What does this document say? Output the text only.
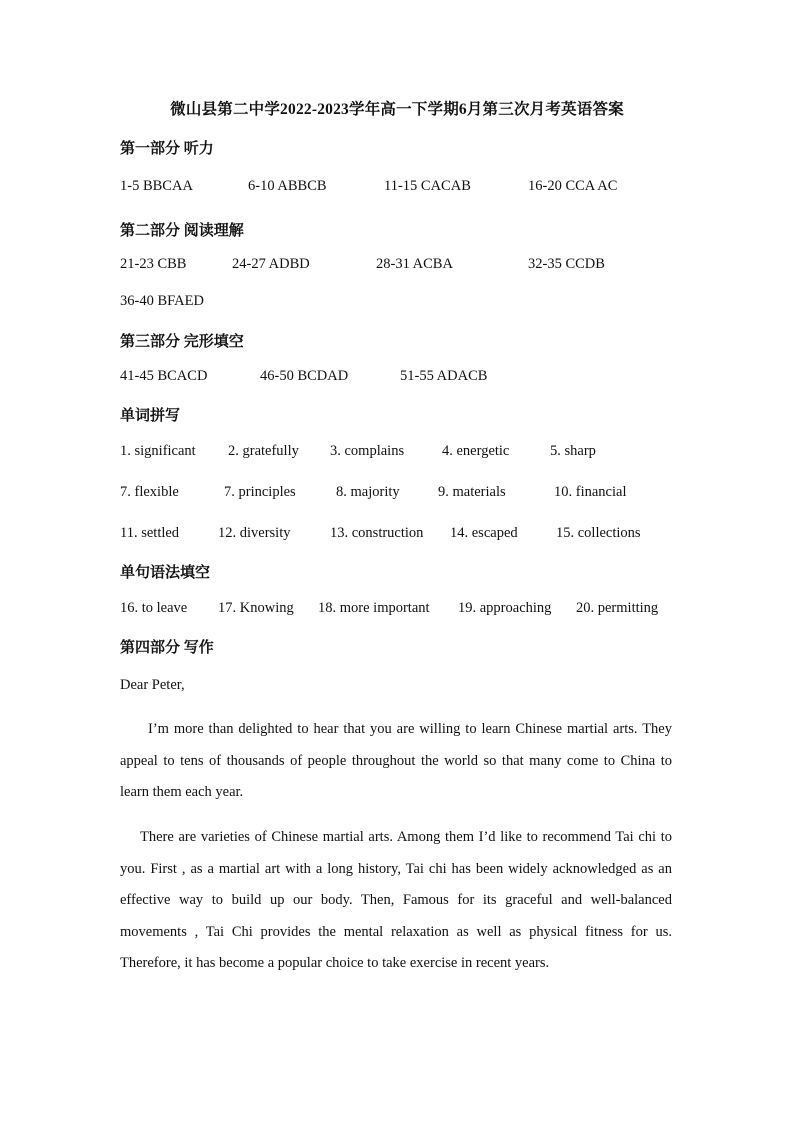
微山县第二中学2022-2023学年高一下学期6月第三次月考英语答案
第一部分 听力
1-5 BBCAA	6-10 ABBCB	11-15 CACAB	16-20 CCA AC
第二部分 阅读理解
21-23 CBB	24-27 ADBD	28-31 ACBA	32-35 CCDB
36-40 BFAED
第三部分 完形填空
41-45 BCACD	46-50 BCDAD	51-55 ADACB
单词拼写
1. significant 2. gratefully 3. complains	4. energetic	5. sharp
7. flexible	7. principles	8. majority	9. materials	10. financial
11. settled	12. diversity	13. construction 14. escaped	15. collections
单句语法填空
16. to leave 17. Knowing 18. more important 19. approaching 20. permitting
第四部分 写作
Dear Peter,

I’m more than delighted to hear that you are willing to learn Chinese martial arts. They appeal to tens of thousands of people throughout the world so that many come to China to learn them each year.

There are varieties of Chinese martial arts. Among them I’d like to recommend Tai chi to you. First , as a martial art with a long history, Tai chi has been widely acknowledged as an effective way to build up our body. Then, Famous for its graceful and well-balanced movements , Tai Chi provides the mental relaxation as well as physical fitness for us. Therefore, it has become a popular choice to take exercise in recent years.
